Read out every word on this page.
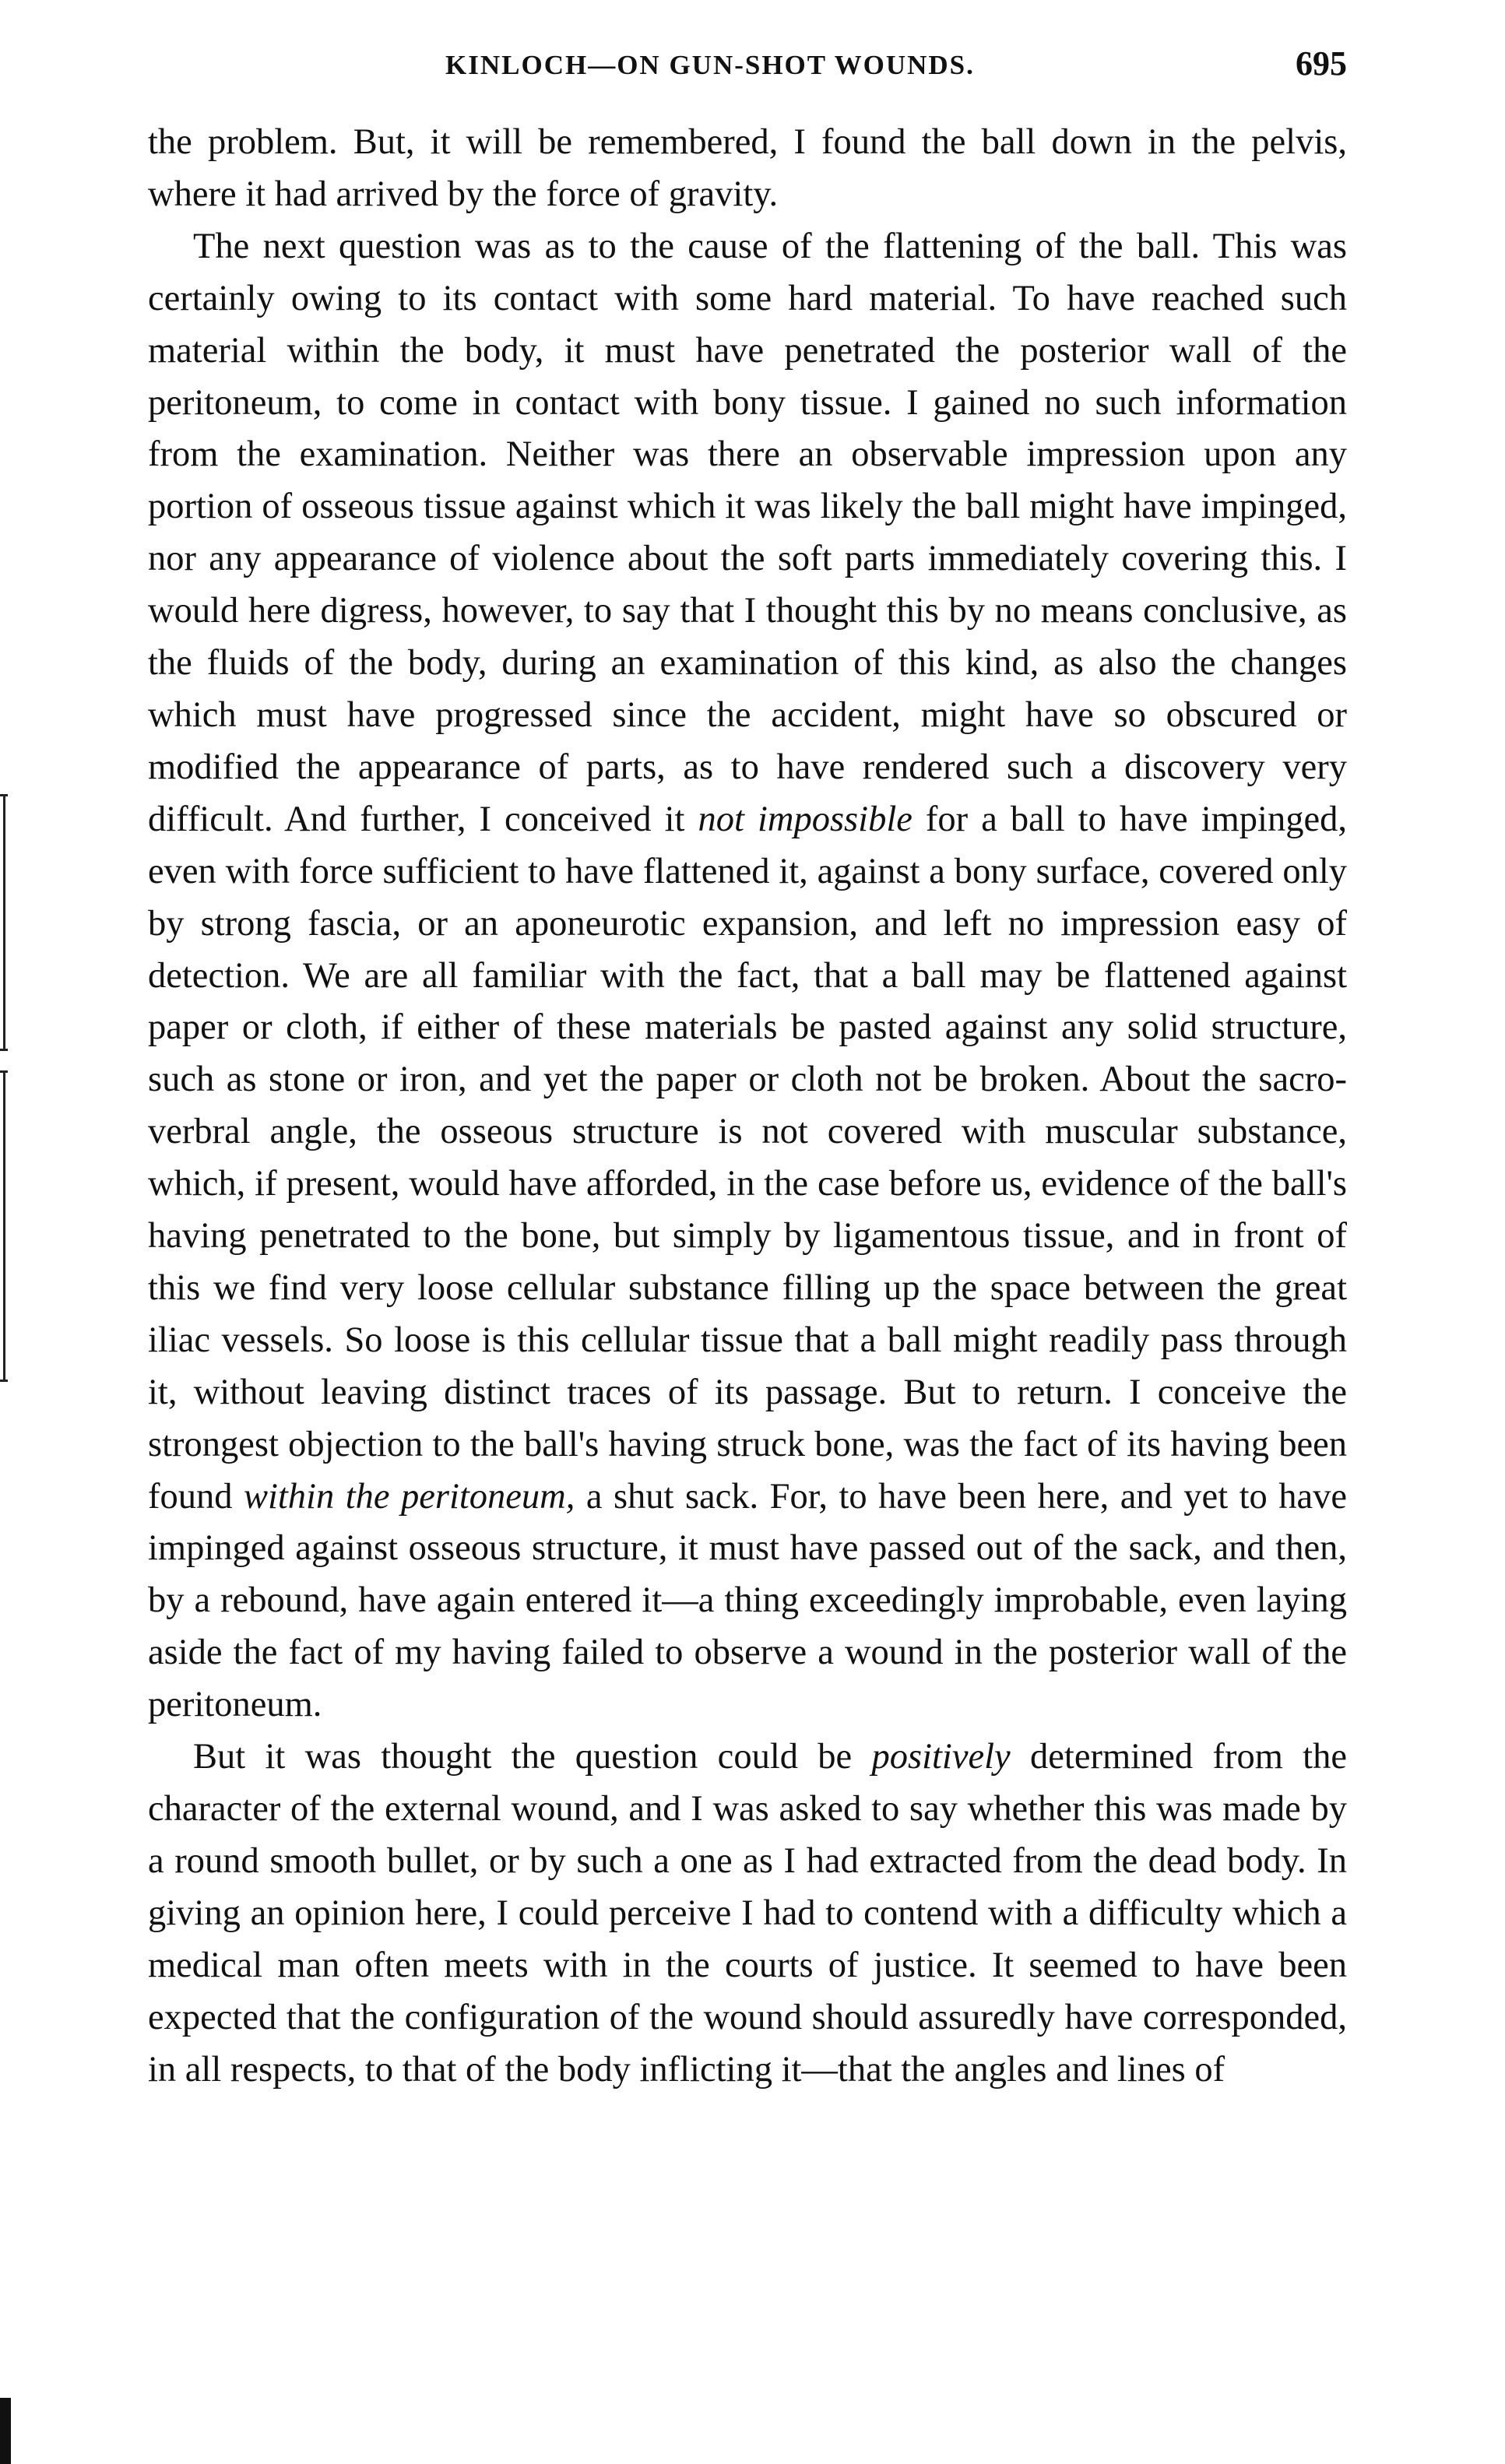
KINLOCH—ON GUN-SHOT WOUNDS.	695

the problem. But, it will be remembered, I found the ball down in the pelvis, where it had arrived by the force of gravity.

The next question was as to the cause of the flattening of the ball. This was certainly owing to its contact with some hard material. To have reached such material within the body, it must have penetrated the posterior wall of the peritoneum, to come in contact with bony tissue. I gained no such information from the examination. Neither was there an observable impression upon any portion of osseous tissue against which it was likely the ball might have impinged, nor any appearance of violence about the soft parts immediately covering this. I would here digress, however, to say that I thought this by no means conclusive, as the fluids of the body, during an examination of this kind, as also the changes which must have progressed since the accident, might have so obscured or modified the appearance of parts, as to have rendered such a discovery very difficult. And further, I conceived it not impossible for a ball to have impinged, even with force sufficient to have flattened it, against a bony surface, covered only by strong fascia, or an aponeurotic expansion, and left no impression easy of detection. We are all familiar with the fact, that a ball may be flattened against paper or cloth, if either of these materials be pasted against any solid structure, such as stone or iron, and yet the paper or cloth not be broken. About the sacro-verbral angle, the osseous structure is not covered with muscular substance, which, if present, would have afforded, in the case before us, evidence of the ball's having penetrated to the bone, but simply by ligamentous tissue, and in front of this we find very loose cellular substance filling up the space between the great iliac vessels. So loose is this cellular tissue that a ball might readily pass through it, without leaving distinct traces of its passage. But to return. I conceive the strongest objection to the ball's having struck bone, was the fact of its having been found within the peritoneum, a shut sack. For, to have been here, and yet to have impinged against osseous structure, it must have passed out of the sack, and then, by a rebound, have again entered it—a thing exceedingly improbable, even laying aside the fact of my having failed to observe a wound in the posterior wall of the peritoneum.

But it was thought the question could be positively determined from the character of the external wound, and I was asked to say whether this was made by a round smooth bullet, or by such a one as I had extracted from the dead body. In giving an opinion here, I could perceive I had to contend with a difficulty which a medical man often meets with in the courts of justice. It seemed to have been expected that the configuration of the wound should assuredly have corresponded, in all respects, to that of the body inflicting it—that the angles and lines of
